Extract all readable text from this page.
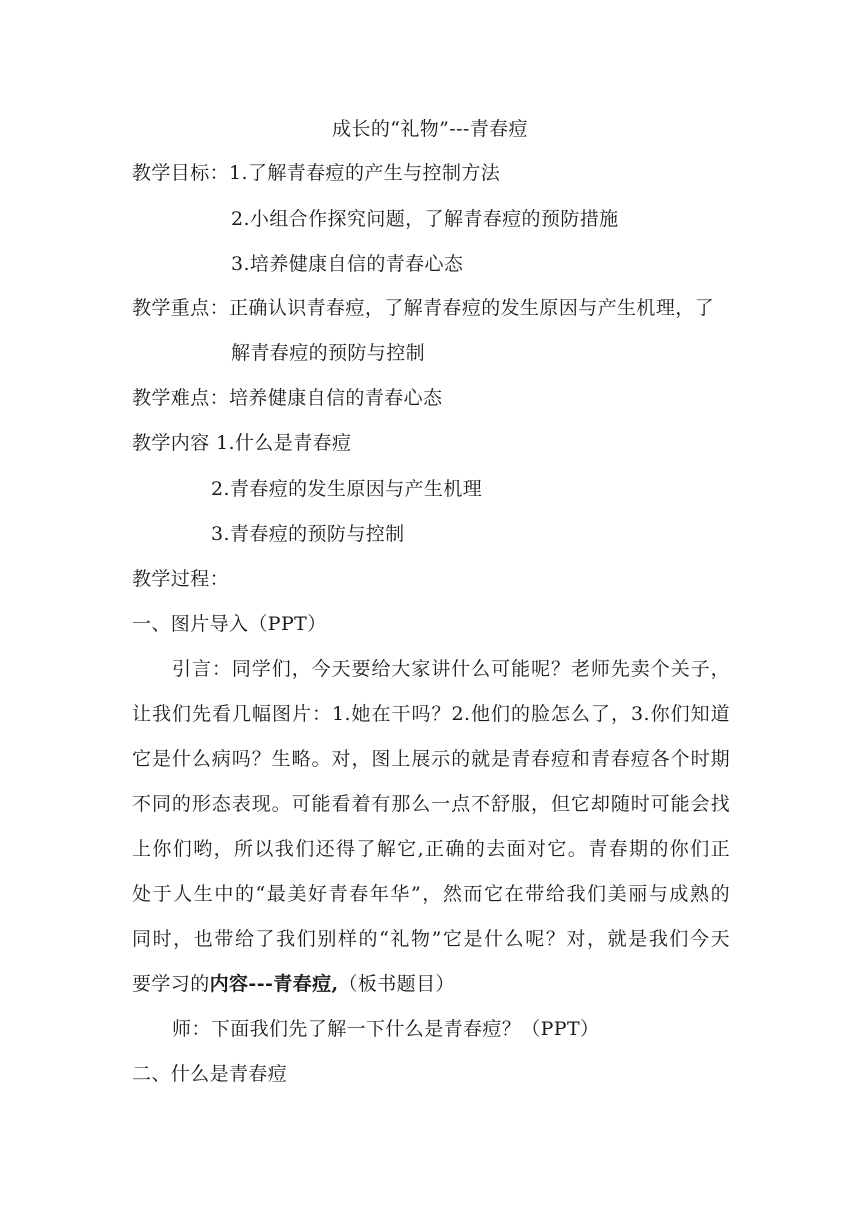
成长的“礼物”---青春痘
教学目标：1.了解青春痘的产生与控制方法
2.小组合作探究问题，了解青春痘的预防措施
3.培养健康自信的青春心态
教学重点：正确认识青春痘，了解青春痘的发生原因与产生机理，了
解青春痘的预防与控制
教学难点：培养健康自信的青春心态
教学内容 1.什么是青春痘
2.青春痘的发生原因与产生机理
3.青春痘的预防与控制
教学过程：
一、图片导入（PPT）
引言：同学们，今天要给大家讲什么可能呢？老师先卖个关子，
让我们先看几幅图片：1.她在干吗？2.他们的脸怎么了，3.你们知道
它是什么病吗？生略。对，图上展示的就是青春痘和青春痘各个时期
不同的形态表现。可能看着有那么一点不舒服，但它却随时可能会找
上你们哟，所以我们还得了解它,正确的去面对它。青春期的你们正
处于人生中的“最美好青春年华”，然而它在带给我们美丽与成熟的
同时，也带给了我们别样的“礼物”它是什么呢？对，就是我们今天
要学习的内容---青春痘,（板书题目）
师：下面我们先了解一下什么是青春痘？（PPT）
二、什么是青春痘
